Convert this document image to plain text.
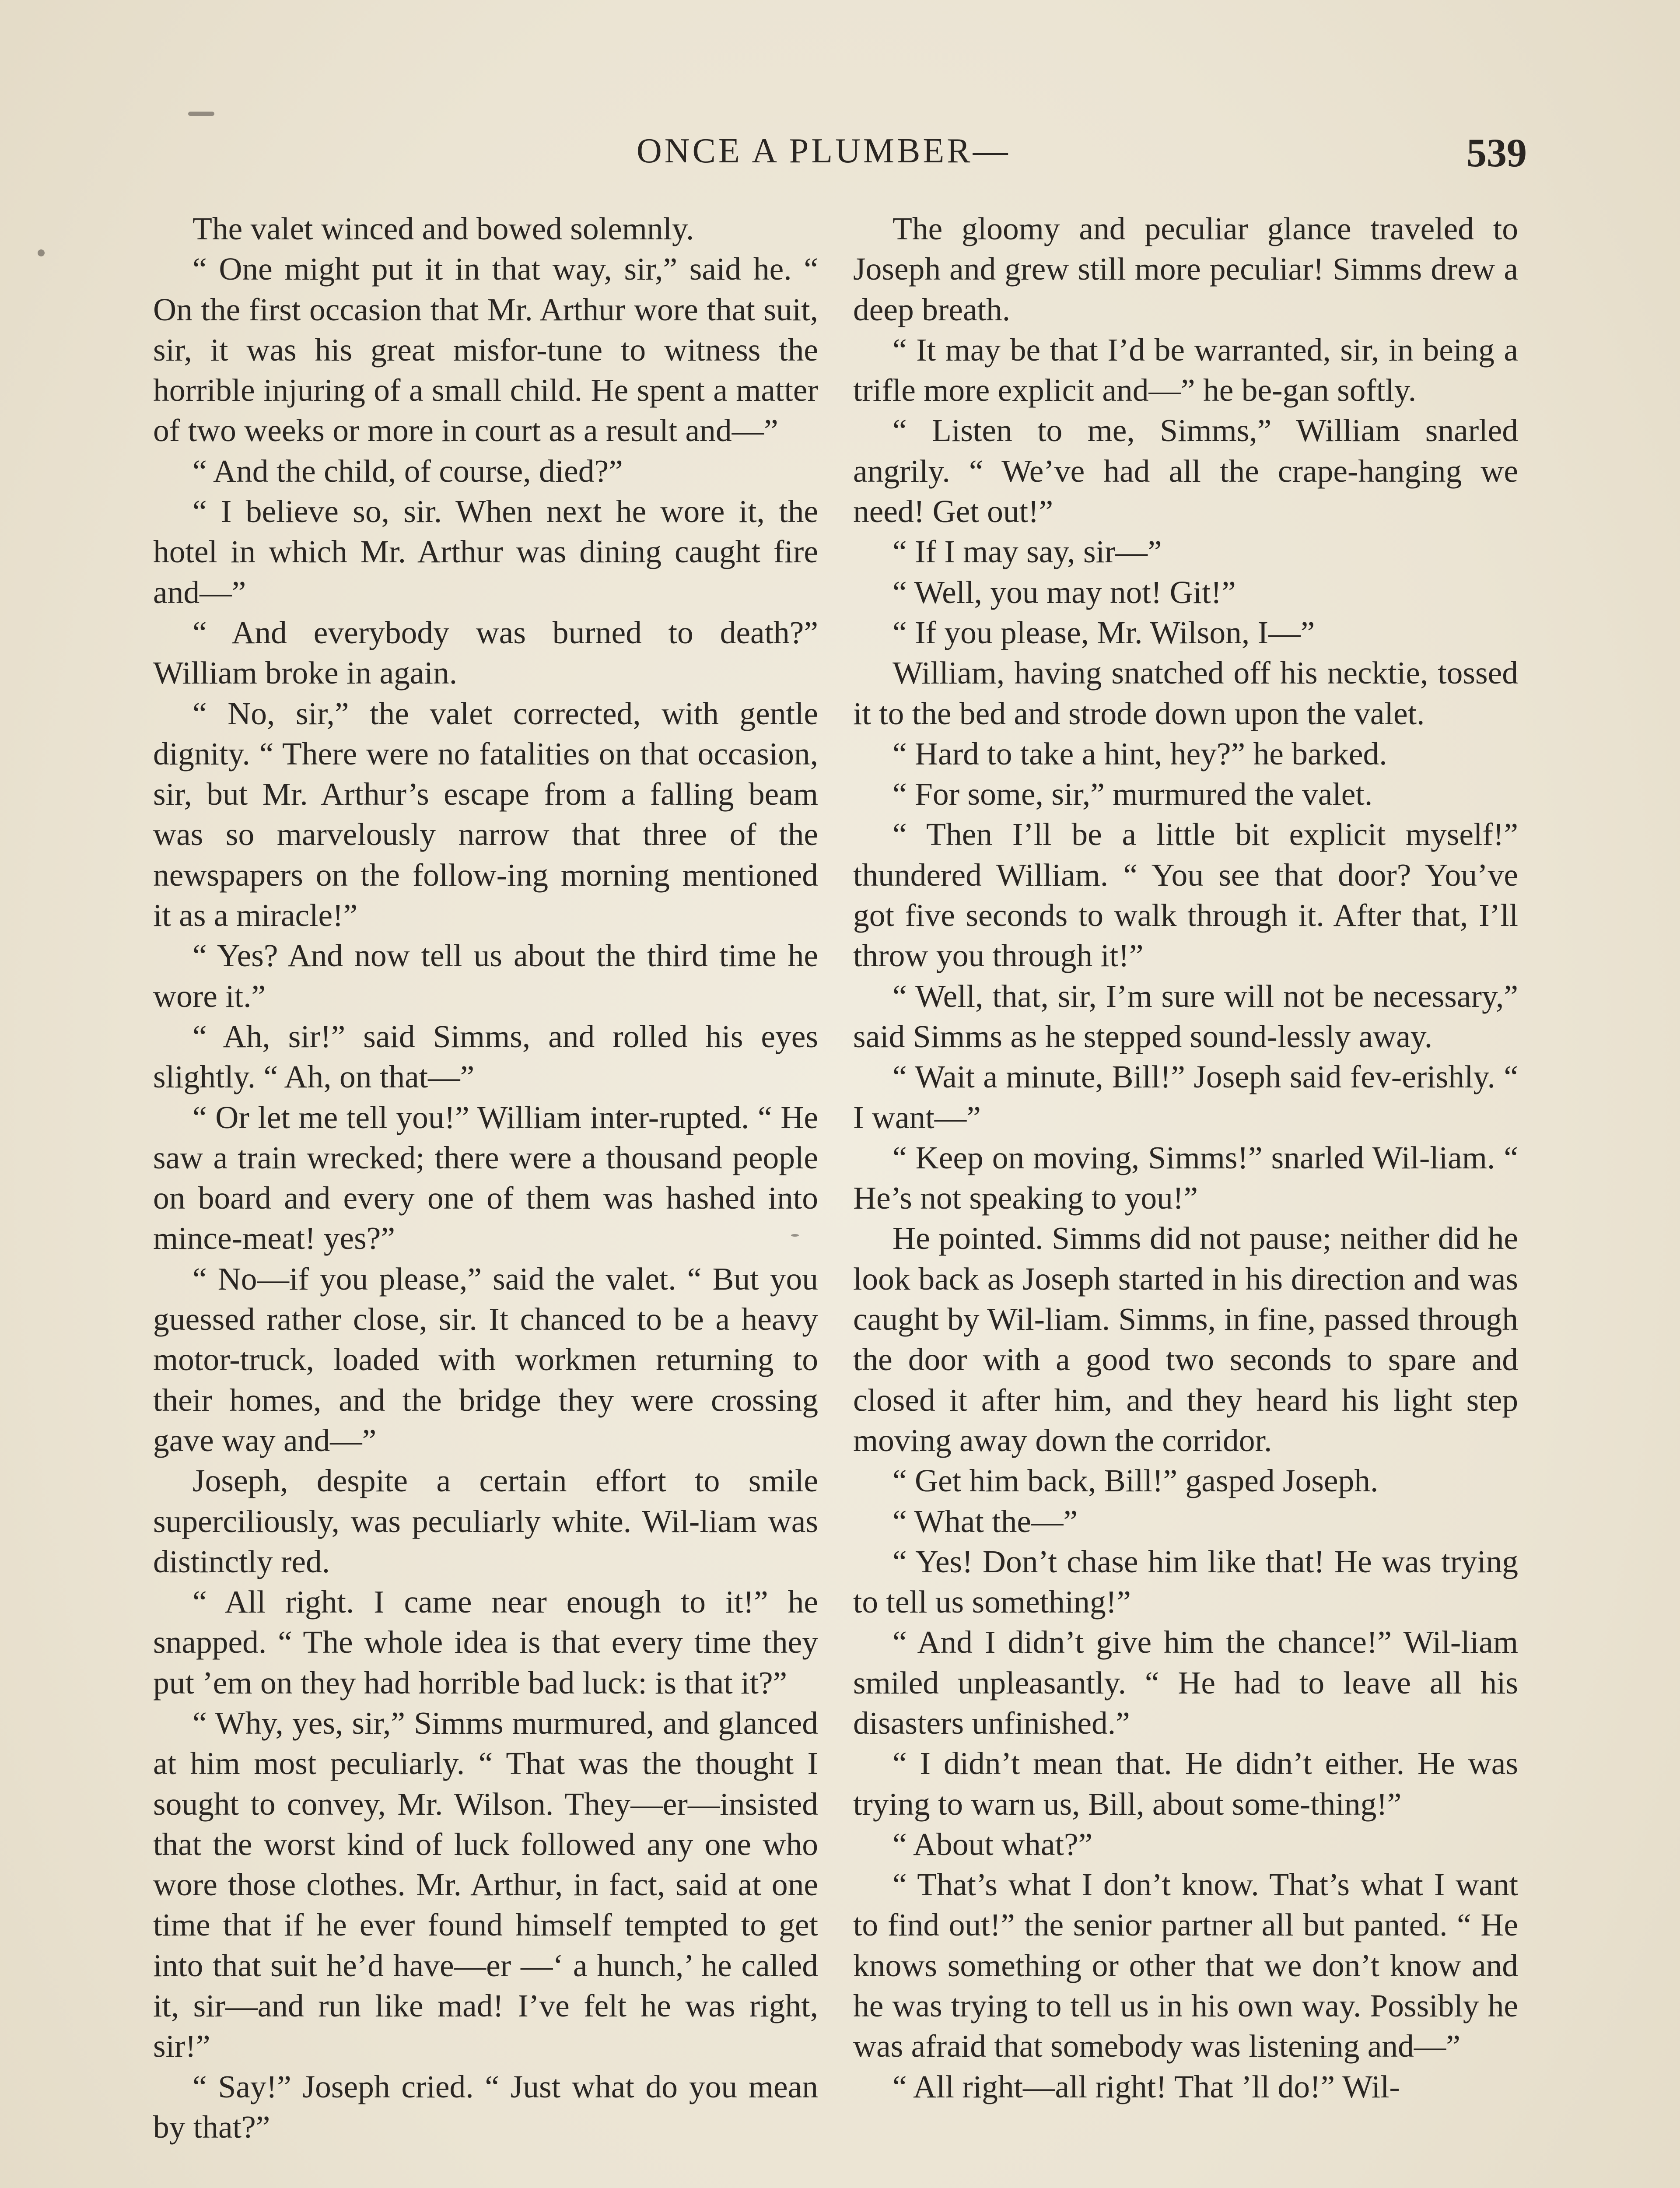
ONCE A PLUMBER—	539

The valet winced and bowed solemnly.

“ One might put it in that way, sir,” said he. “ On the first occasion that Mr. Arthur wore that suit, sir, it was his great misfor-tune to witness the horrible injuring of a small child. He spent a matter of two weeks or more in court as a result and—”

“ And the child, of course, died?”

“ I believe so, sir. When next he wore it, the hotel in which Mr. Arthur was dining caught fire and—”

“ And everybody was burned to death?” William broke in again.

“ No, sir,” the valet corrected, with gentle dignity. “ There were no fatalities on that occasion, sir, but Mr. Arthur’s escape from a falling beam was so marvelously narrow that three of the newspapers on the follow-ing morning mentioned it as a miracle!”

“ Yes? And now tell us about the third time he wore it.”

“ Ah, sir!” said Simms, and rolled his eyes slightly. “ Ah, on that—”

“ Or let me tell you!” William inter-rupted. “ He saw a train wrecked; there were a thousand people on board and every one of them was hashed into mince-meat! yes?”

“ No—if you please,” said the valet. “ But you guessed rather close, sir. It chanced to be a heavy motor-truck, loaded with workmen returning to their homes, and the bridge they were crossing gave way and—”

Joseph, despite a certain effort to smile superciliously, was peculiarly white. Wil-liam was distinctly red.

“ All right. I came near enough to it!” he snapped. “ The whole idea is that every time they put ’em on they had horrible bad luck: is that it?”

“ Why, yes, sir,” Simms murmured, and glanced at him most peculiarly. “ That was the thought I sought to convey, Mr. Wilson. They—er—insisted that the worst kind of luck followed any one who wore those clothes. Mr. Arthur, in fact, said at one time that if he ever found himself tempted to get into that suit he’d have—er —‘ a hunch,’ he called it, sir—and run like mad! I’ve felt he was right, sir!”

“ Say!” Joseph cried. “ Just what do you mean by that?”

The gloomy and peculiar glance traveled to Joseph and grew still more peculiar! Simms drew a deep breath.

“ It may be that I’d be warranted, sir, in being a trifle more explicit and—” he be-gan softly.

“ Listen to me, Simms,” William snarled angrily. “ We’ve had all the crape-hanging we need! Get out!”

“ If I may say, sir—”

“ Well, you may not! Git!”

“ If you please, Mr. Wilson, I—”

William, having snatched off his necktie, tossed it to the bed and strode down upon the valet.

“ Hard to take a hint, hey?” he barked.

“ For some, sir,” murmured the valet.

“ Then I’ll be a little bit explicit myself!” thundered William. “ You see that door? You’ve got five seconds to walk through it. After that, I’ll throw you through it!”

“ Well, that, sir, I’m sure will not be necessary,” said Simms as he stepped sound-lessly away.

“ Wait a minute, Bill!” Joseph said fev-erishly. “ I want—”

“ Keep on moving, Simms!” snarled Wil-liam. “ He’s not speaking to you!”

He pointed. Simms did not pause; neither did he look back as Joseph started in his direction and was caught by Wil-liam. Simms, in fine, passed through the door with a good two seconds to spare and closed it after him, and they heard his light step moving away down the corridor.

“ Get him back, Bill!” gasped Joseph.

“ What the—”

“ Yes! Don’t chase him like that! He was trying to tell us something!”

“ And I didn’t give him the chance!” Wil-liam smiled unpleasantly. “ He had to leave all his disasters unfinished.”

“ I didn’t mean that. He didn’t either. He was trying to warn us, Bill, about some-thing!”

“ About what?”

“ That’s what I don’t know. That’s what I want to find out!” the senior partner all but panted. “ He knows something or other that we don’t know and he was trying to tell us in his own way. Possibly he was afraid that somebody was listening and—”

“ All right—all right! That ’ll do!” Wil-
